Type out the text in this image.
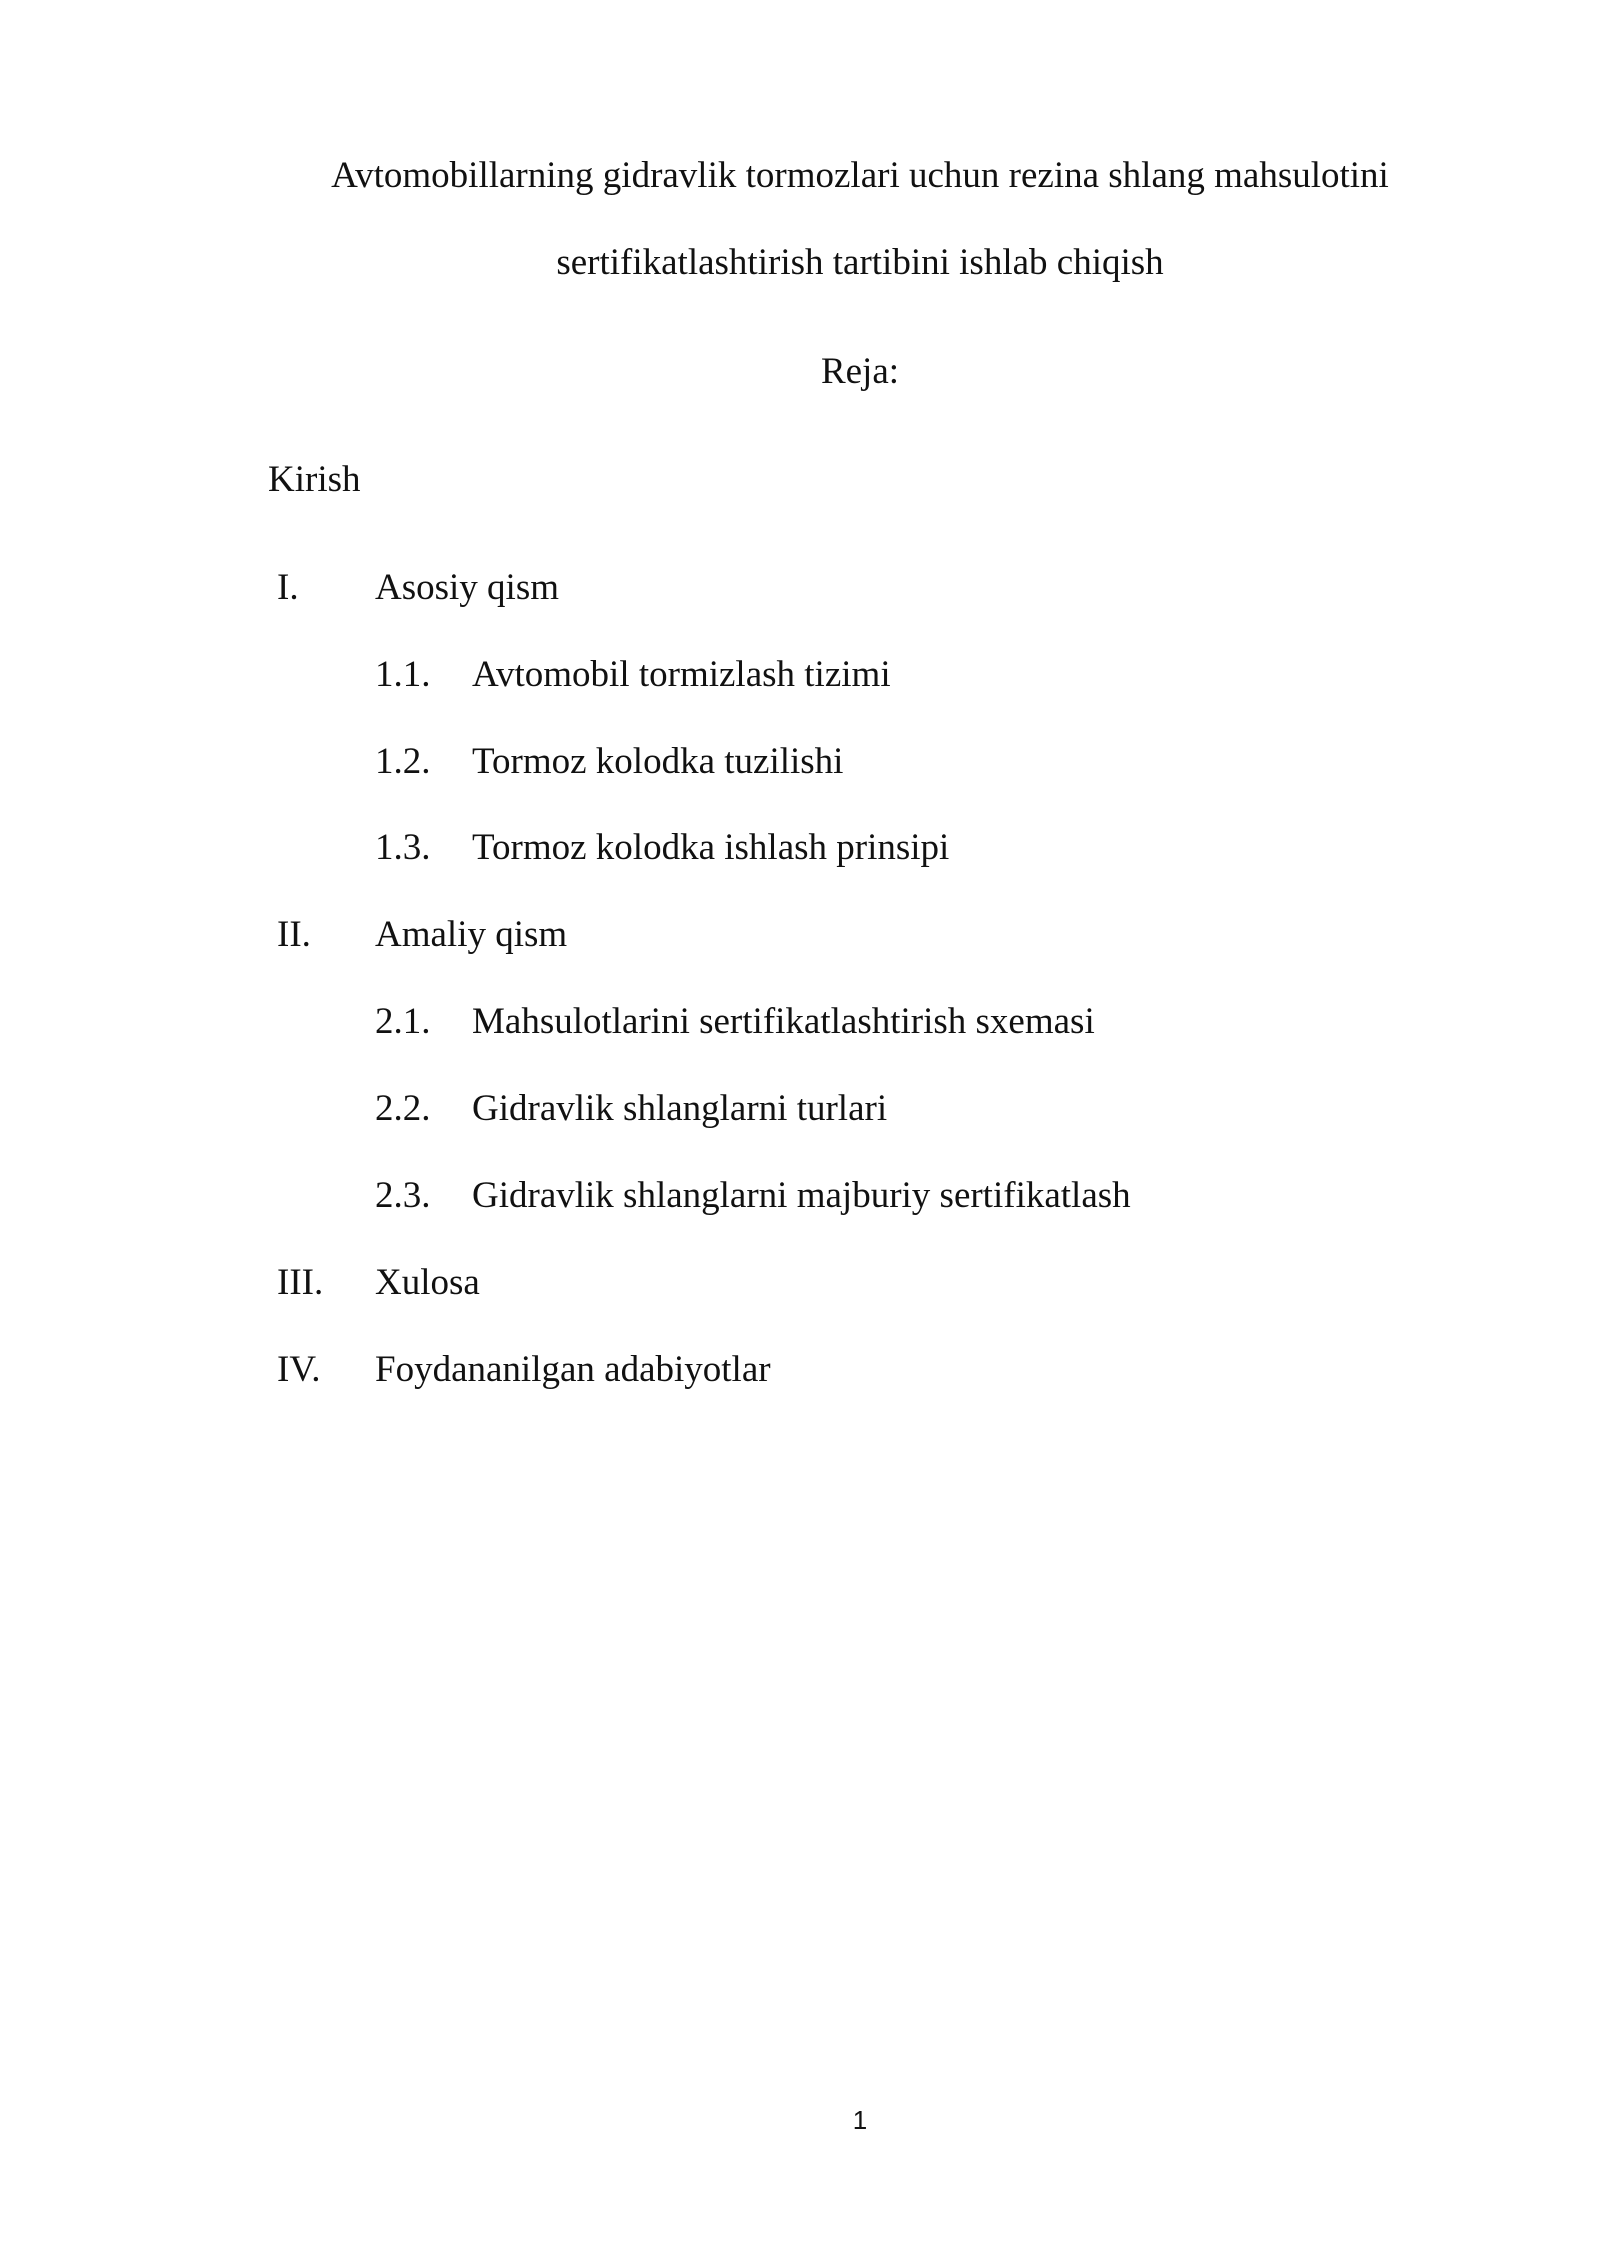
Avtomobillarning gidravlik tormozlari uchun rezina shlang mahsulotini
sertifikatlashtirish tartibini ishlab chiqish
Reja:
Kirish
I. Asosiy qism
1.1. Avtomobil tormizlash tizimi
1.2. Tormoz kolodka tuzilishi
1.3. Tormoz kolodka ishlash prinsipi
II. Amaliy qism
2.1. Mahsulotlarini sertifikatlashtirish sxemasi
2.2. Gidravlik shlanglarni turlari
2.3. Gidravlik shlanglarni majburiy sertifikatlash
III. Xulosa
IV. Foydananilgan adabiyotlar
1
